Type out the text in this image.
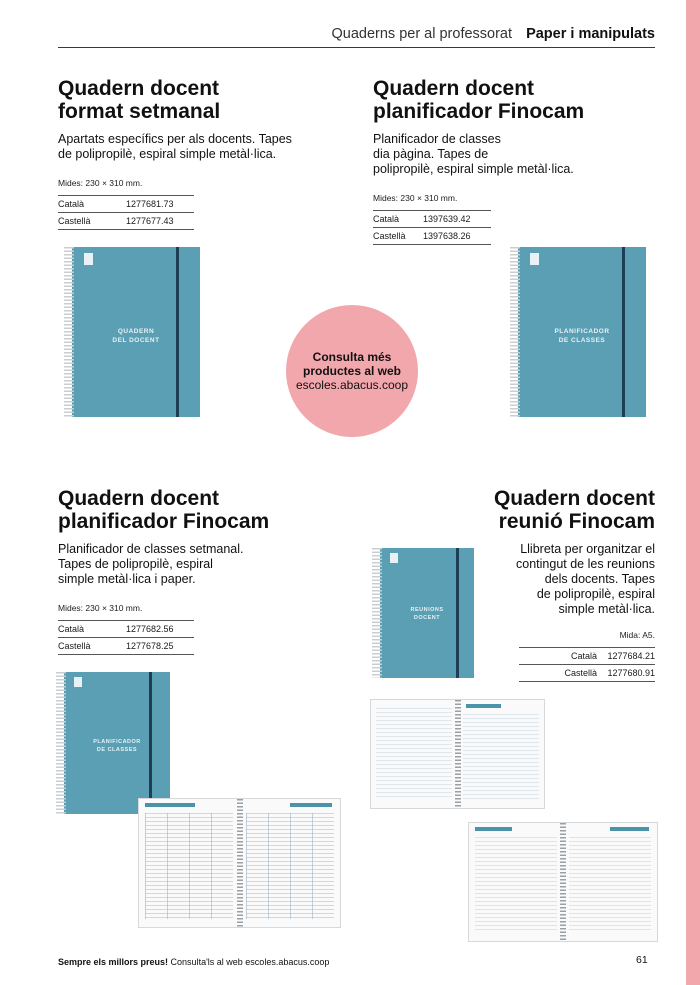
Quaderns per al professorat Paper i manipulats
Quadern docent
format setmanal
Apartats específics per als docents. Tapes
de polipropilè, espiral simple metàl·lica.
Mides: 230 × 310 mm.
Català	1277681.73
Castellà	1277677.43
Quadern docent
planificador Finocam
Planificador de classes
dia pàgina. Tapes de
polipropilè, espiral simple metàl·lica.
Mides: 230 × 310 mm.
Català	1397639.42
Castellà	1397638.26
QUADERN
DEL DOCENT
PLANIFICADOR
DE CLASSES
Consulta més
productes al web
escoles.abacus.coop
Quadern docent
planificador Finocam
Planificador de classes setmanal.
Tapes de polipropilè, espiral
simple metàl·lica i paper.
Mides: 230 × 310 mm.
Català	1277682.56
Castellà	1277678.25
Quadern docent
reunió Finocam
Llibreta per organitzar el
contingut de les reunions
dels docents. Tapes
de polipropilè, espiral
simple metàl·lica.
Mida: A5.
Català	1277684.21
Castellà	1277680.91
REUNIONS
DOCENT
PLANIFICADOR
DE CLASSES
Sempre els millors preus! Consulta'ls al web escoles.abacus.coop	61
